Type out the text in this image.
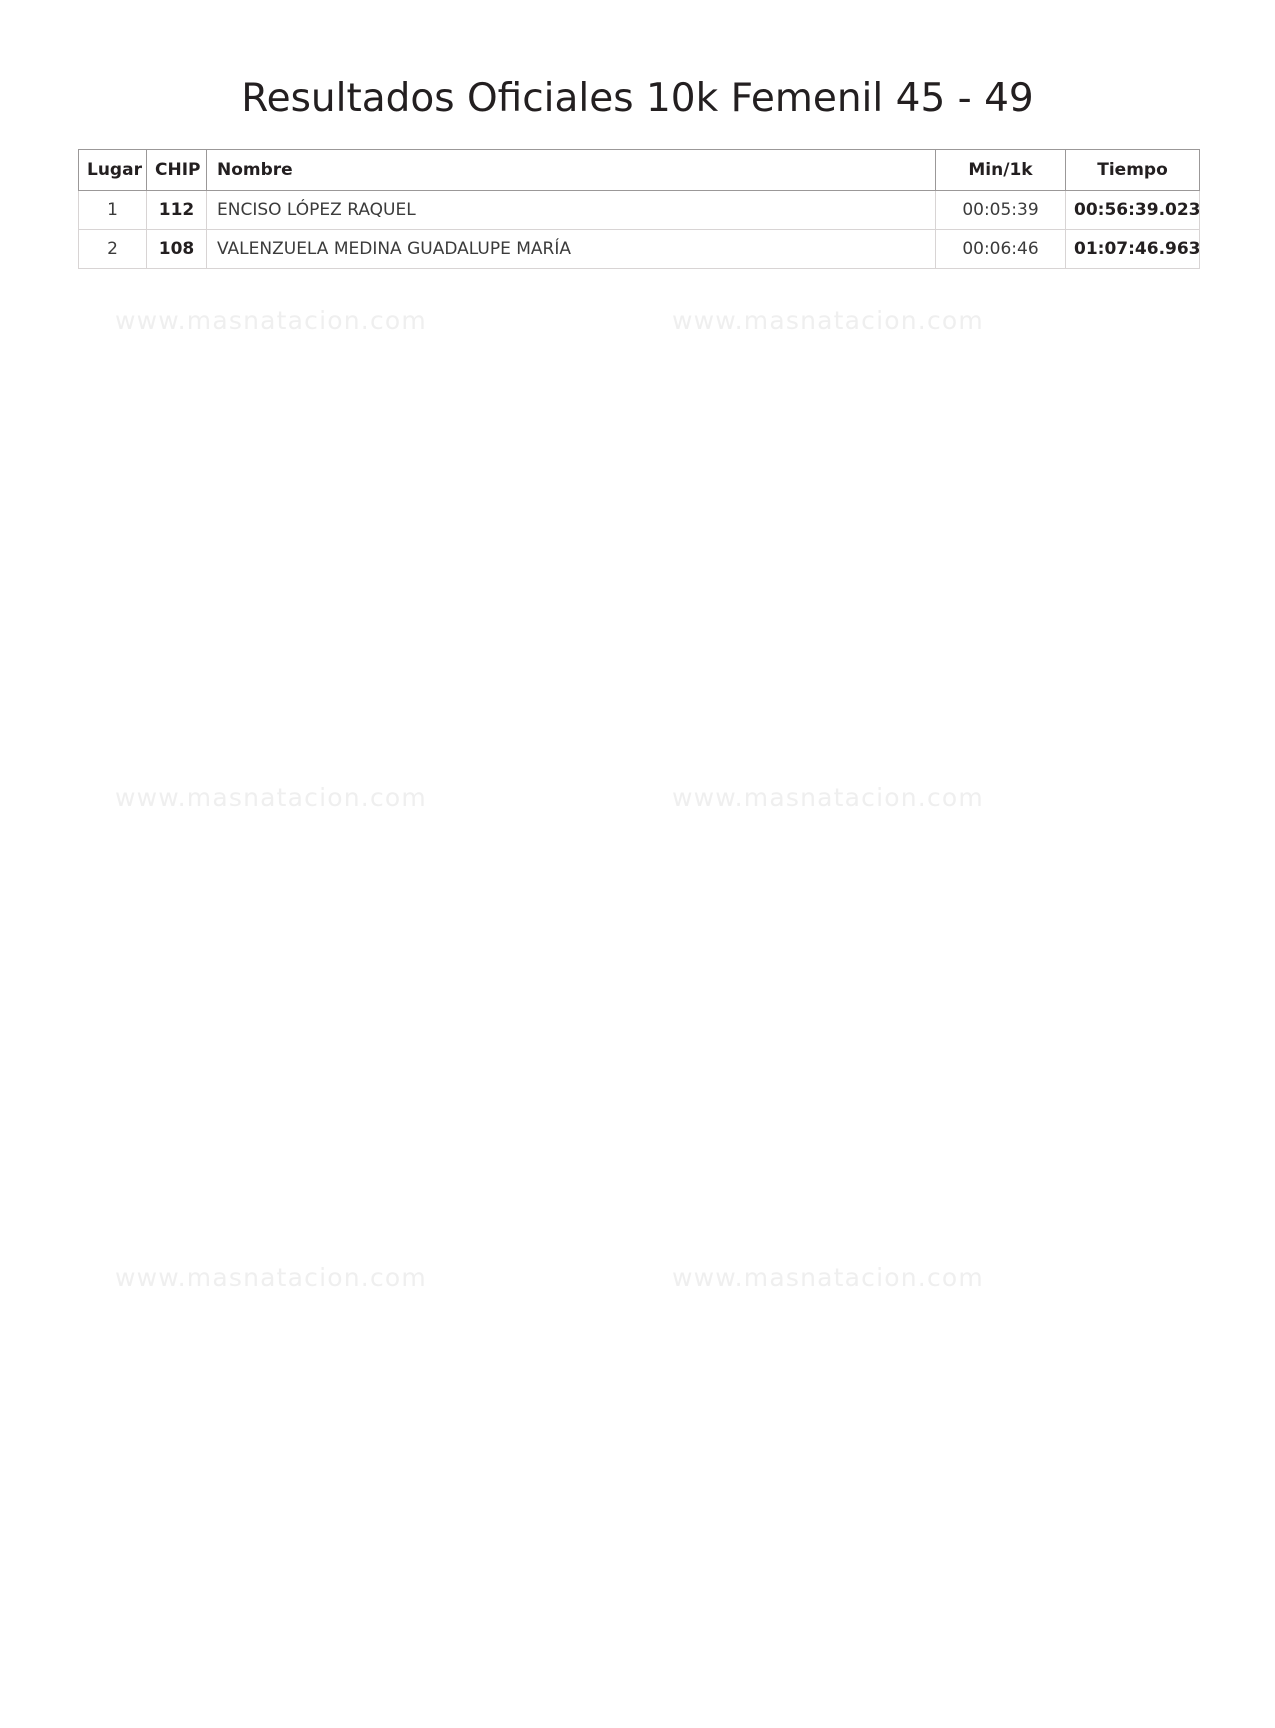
www.masnatacion.com	www.masnatacion.com
www.masnatacion.com	www.masnatacion.com
www.masnatacion.com	www.masnatacion.com
Resultados Oficiales 10k Femenil 45 - 49
Lugar	CHIP	Nombre	Min/1k	Tiempo
1	112	ENCISO LÓPEZ RAQUEL	00:05:39	00:56:39.023
2	108	VALENZUELA MEDINA GUADALUPE MARÍA	00:06:46	01:07:46.963
